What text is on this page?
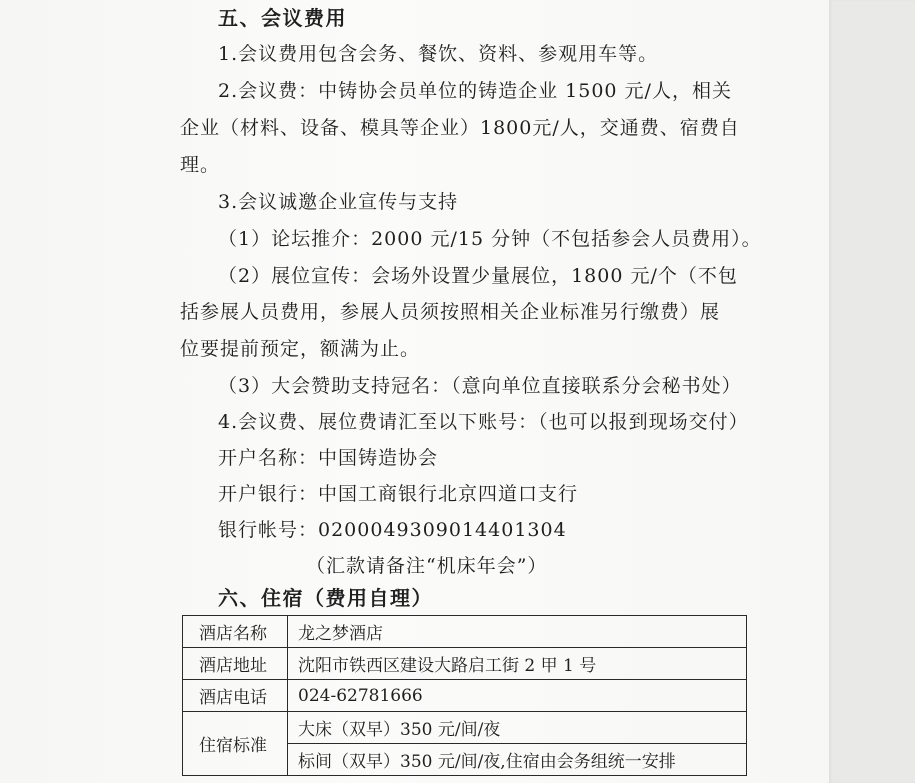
五、会议费用
1.会议费用包含会务、餐饮、资料、参观用车等。
2.会议费：中铸协会员单位的铸造企业 1500 元/人，相关
企业（材料、设备、模具等企业）1800元/人，交通费、宿费自
理。
3.会议诚邀企业宣传与支持
（1）论坛推介：2000 元/15 分钟（不包括参会人员费用）。
（2）展位宣传：会场外设置少量展位，1800 元/个（不包
括参展人员费用，参展人员须按照相关企业标准另行缴费）展
位要提前预定，额满为止。
（3）大会赞助支持冠名：（意向单位直接联系分会秘书处）
4.会议费、展位费请汇至以下账号：（也可以报到现场交付）
开户名称：中国铸造协会
开户银行：中国工商银行北京四道口支行
银行帐号：0200049309014401304
（汇款请备注“机床年会”）
六、住宿（费用自理）
酒店名称	龙之梦酒店
酒店地址	沈阳市铁西区建设大路启工街 2 甲 1 号
酒店电话	024-62781666
住宿标准	大床（双早）350 元/间/夜
	标间（双早）350 元/间/夜,住宿由会务组统一安排
